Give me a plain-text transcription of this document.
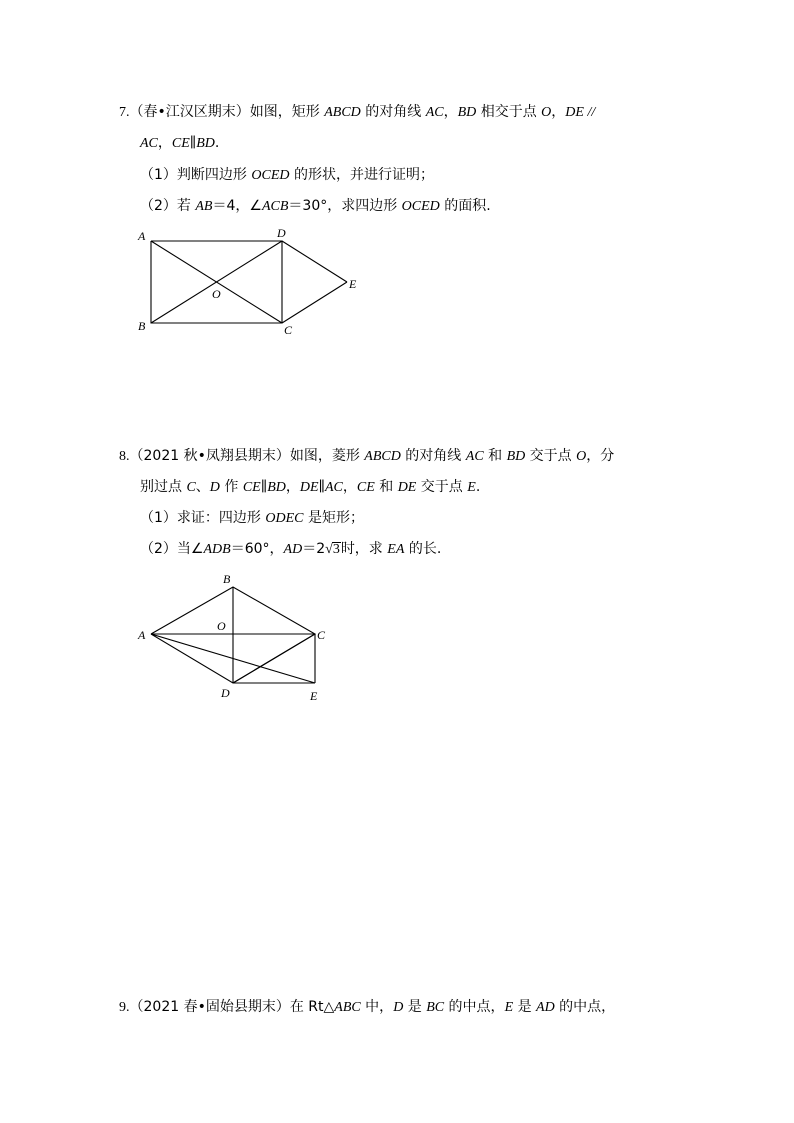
7.（春•江汉区期末）如图，矩形 ABCD 的对角线 AC，BD 相交于点 O，DE //
AC，CE∥BD.
（1）判断四边形 OCED 的形状，并进行证明；
（2）若 AB＝4，∠ACB＝30°，求四边形 OCED 的面积.
A	D
E
O
B	C
8.（2021 秋•凤翔县期末）如图，菱形 ABCD 的对角线 AC 和 BD 交于点 O，分
别过点 C、D 作 CE∥BD，DE∥AC，CE 和 DE 交于点 E.
（1）求证：四边形 ODEC 是矩形；
（2）当∠ADB＝60°，AD＝2√3时，求 EA 的长.
B
O
A	C
D	E
9.（2021 春•固始县期末）在 Rt△ABC 中，D 是 BC 的中点，E 是 AD 的中点，
